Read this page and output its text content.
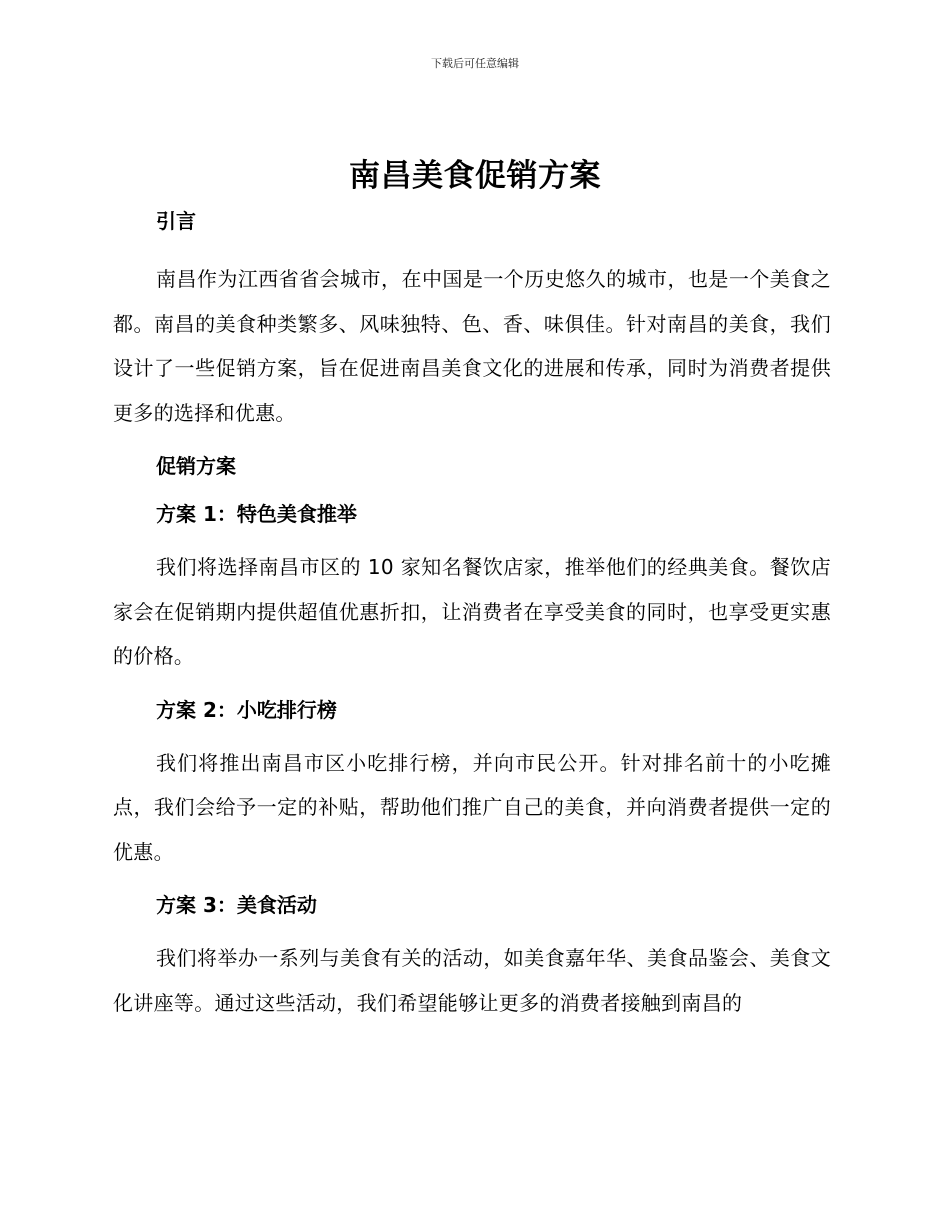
下载后可任意编辑
南昌美食促销方案

引言

南昌作为江西省省会城市，在中国是一个历史悠久的城市，也是一个美食之都。南昌的美食种类繁多、风味独特、色、香、味俱佳。针对南昌的美食，我们设计了一些促销方案，旨在促进南昌美食文化的进展和传承，同时为消费者提供更多的选择和优惠。

促销方案

方案 1：特色美食推举

我们将选择南昌市区的 10 家知名餐饮店家，推举他们的经典美食。餐饮店家会在促销期内提供超值优惠折扣，让消费者在享受美食的同时，也享受更实惠的价格。

方案 2：小吃排行榜

我们将推出南昌市区小吃排行榜，并向市民公开。针对排名前十的小吃摊点，我们会给予一定的补贴，帮助他们推广自己的美食，并向消费者提供一定的优惠。

方案 3：美食活动

我们将举办一系列与美食有关的活动，如美食嘉年华、美食品鉴会、美食文化讲座等。通过这些活动，我们希望能够让更多的消费者接触到南昌的
